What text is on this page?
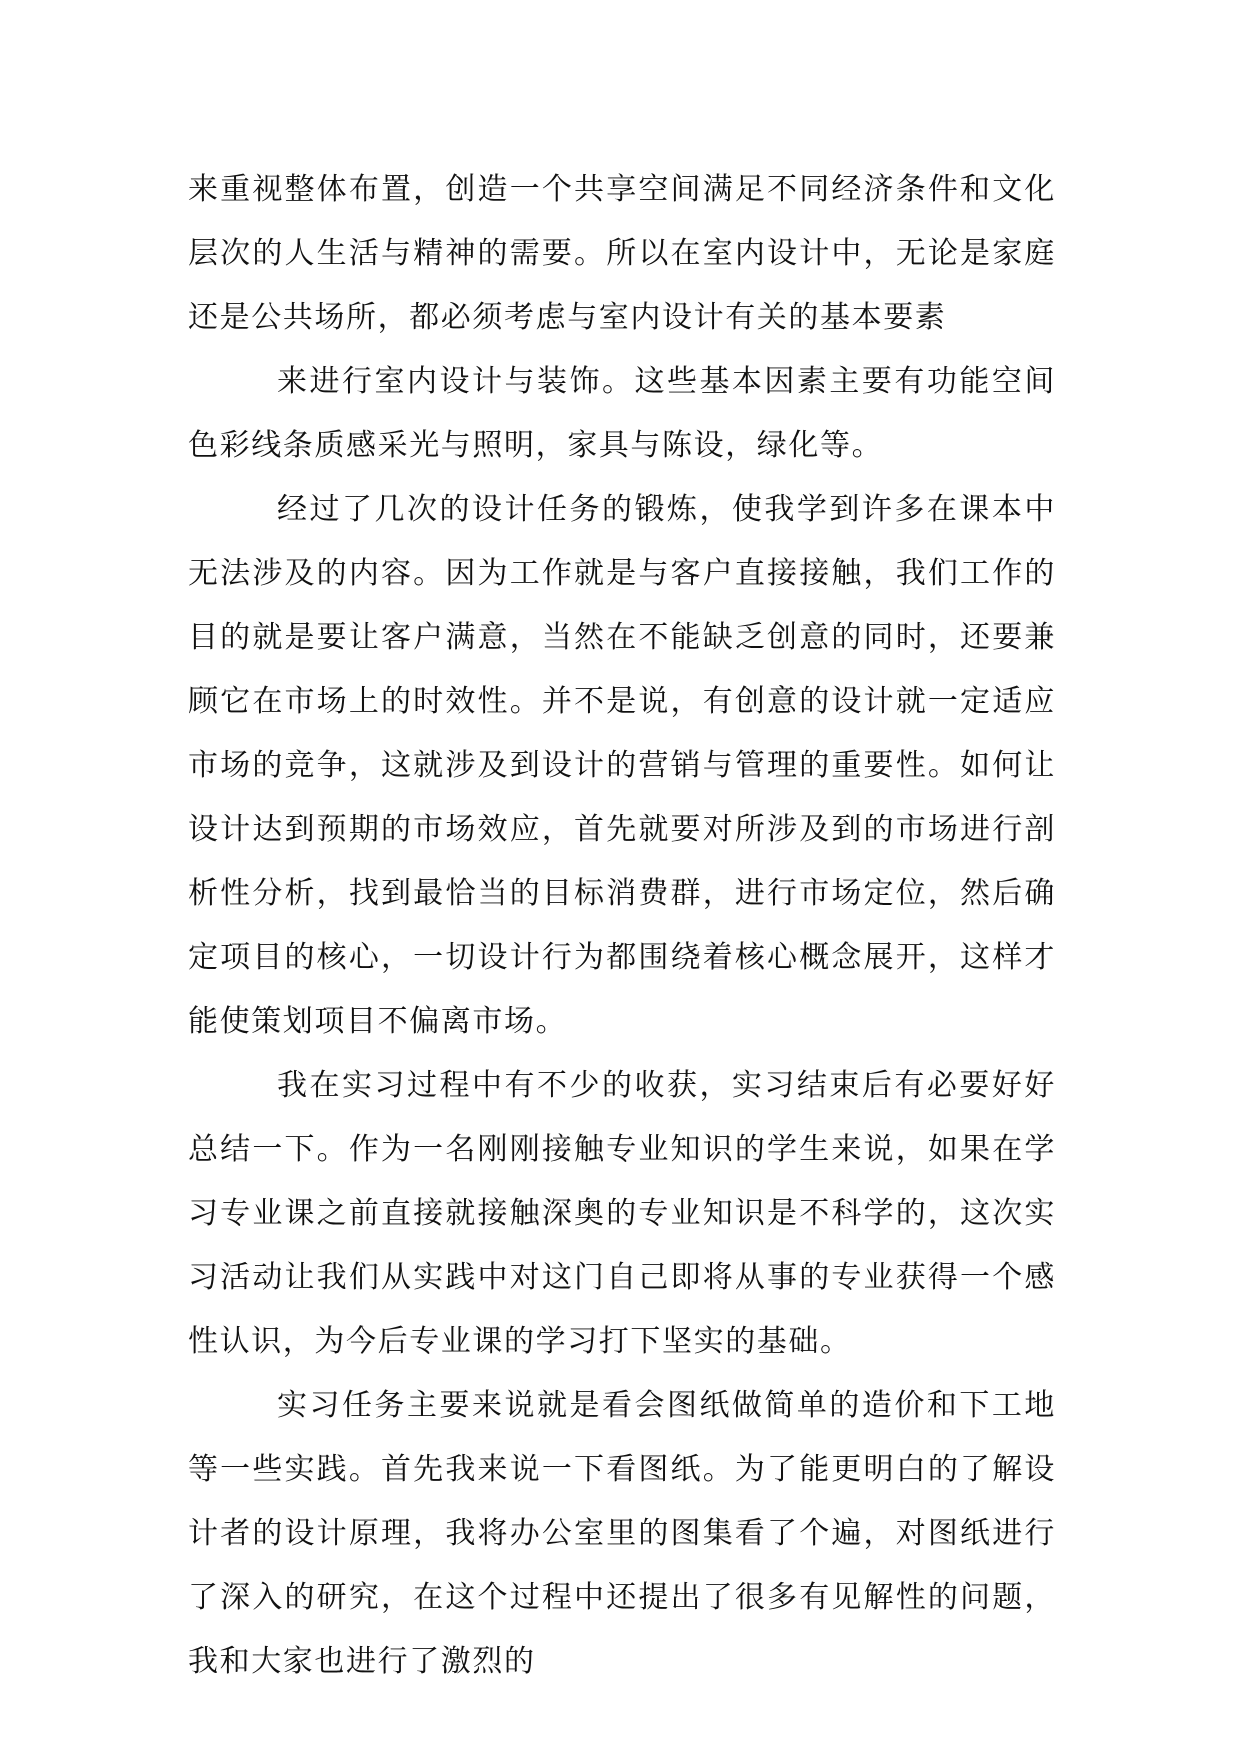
来重视整体布置，创造一个共享空间满足不同经济条件和文化层次的人生活与精神的需要。所以在室内设计中，无论是家庭还是公共场所，都必须考虑与室内设计有关的基本要素

来进行室内设计与装饰。这些基本因素主要有功能空间色彩线条质感采光与照明，家具与陈设，绿化等。

经过了几次的设计任务的锻炼，使我学到许多在课本中无法涉及的内容。因为工作就是与客户直接接触，我们工作的目的就是要让客户满意，当然在不能缺乏创意的同时，还要兼顾它在市场上的时效性。并不是说，有创意的设计就一定适应市场的竞争，这就涉及到设计的营销与管理的重要性。如何让设计达到预期的市场效应，首先就要对所涉及到的市场进行剖析性分析，找到最恰当的目标消费群，进行市场定位，然后确定项目的核心，一切设计行为都围绕着核心概念展开，这样才能使策划项目不偏离市场。

我在实习过程中有不少的收获，实习结束后有必要好好总结一下。作为一名刚刚接触专业知识的学生来说，如果在学习专业课之前直接就接触深奥的专业知识是不科学的，这次实习活动让我们从实践中对这门自己即将从事的专业获得一个感性认识，为今后专业课的学习打下坚实的基础。

实习任务主要来说就是看会图纸做简单的造价和下工地等一些实践。首先我来说一下看图纸。为了能更明白的了解设计者的设计原理，我将办公室里的图集看了个遍，对图纸进行了深入的研究，在这个过程中还提出了很多有见解性的问题，我和大家也进行了激烈的
